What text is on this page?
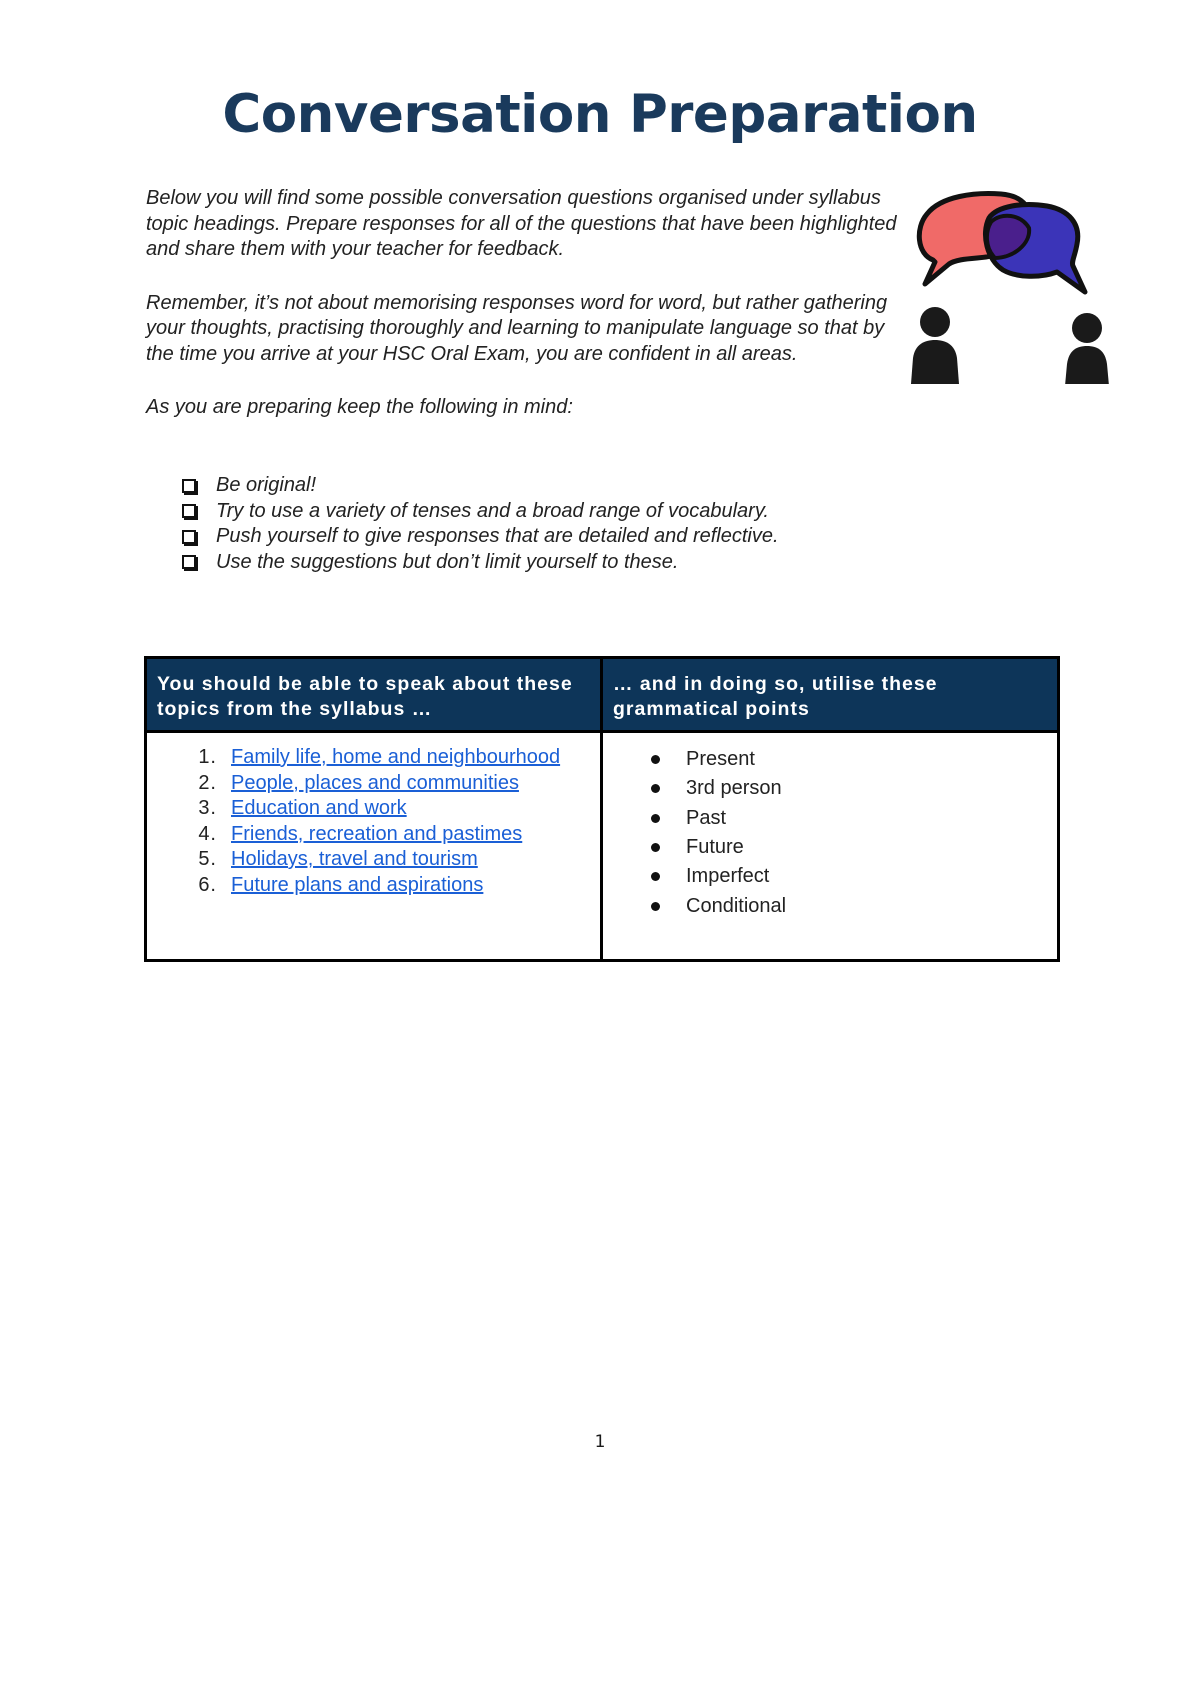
Conversation Preparation

Below you will find some possible conversation questions organised under syllabus topic headings. Prepare responses for all of the questions that have been highlighted and share them with your teacher for feedback.

Remember, it’s not about memorising responses word for word, but rather gathering your thoughts, practising thoroughly and learning to manipulate language so that by the time you arrive at your HSC Oral Exam, you are confident in all areas.

As you are preparing keep the following in mind:

Be original!
Try to use a variety of tenses and a broad range of vocabulary.
Push yourself to give responses that are detailed and reflective.
Use the suggestions but don’t limit yourself to these.
You should be able to speak about these topics from the syllabus …
… and in doing so, utilise these grammatical points
1. Family life, home and neighbourhood
2. People, places and communities
3. Education and work
4. Friends, recreation and pastimes
5. Holidays, travel and tourism
6. Future plans and aspirations
Present
3rd person
Past
Future
Imperfect
Conditional
1
